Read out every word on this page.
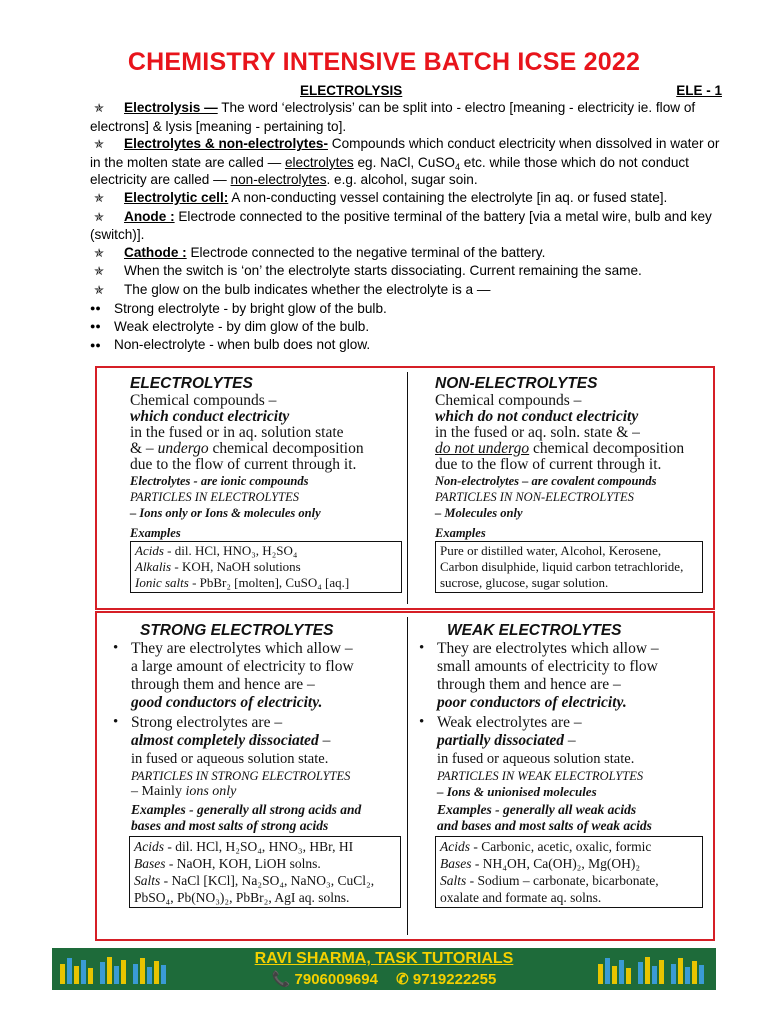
CHEMISTRY INTENSIVE BATCH ICSE 2022
ELECTROLYSIS	ELE - 1

✯ Electrolysis — The word ‘electrolysis’ can be split into - electro [meaning - electricity ie. flow of electrons] & lysis [meaning - pertaining to].

✯ Electrolytes & non-electrolytes- Compounds which conduct electricity when dissolved in water or in the molten state are called — electrolytes eg. NaCl, CuSO$_4$ etc. while those which do not conduct electricity are called — non-electrolytes. e.g. alcohol, sugar soin.

✯ Electrolytic cell: A non-conducting vessel containing the electrolyte [in aq. or fused state].

✯ Anode : Electrode connected to the positive terminal of the battery [via a metal wire, bulb and key (switch)].

✯ Cathode : Electrode connected to the negative terminal of the battery.

✯ When the switch is ‘on’ the electrolyte starts dissociating. Current remaining the same.

✯ The glow on the bulb indicates whether the electrolyte is a —

●● Strong electrolyte - by bright glow of the bulb.

●● Weak electrolyte - by dim glow of the bulb.

●● Non-electrolyte - when bulb does not glow.

ELECTROLYTES

Chemical compounds –

which conduct electricity

in the fused or in aq. solution state

& – undergo chemical decomposition

due to the flow of current through it.

Electrolytes - are ionic compounds

PARTICLES IN ELECTROLYTES

– Ions only or Ions & molecules only

Examples

Acids - dil. HCl, HNO₃, H₂SO₄

Alkalis - KOH, NaOH solutions

Ionic salts - PbBr₂ [molten], CuSO₄ [aq.]

NON-ELECTROLYTES

Chemical compounds –

which do not conduct electricity

in the fused or aq. soln. state & –

do not undergo chemical decomposition

due to the flow of current through it.

Non-electrolytes – are covalent compounds

PARTICLES IN NON-ELECTROLYTES

– Molecules only

Examples

Pure or distilled water, Alcohol, Kerosene, Carbon disulphide, liquid carbon tetrachloride, sucrose, glucose, sugar solution.

STRONG ELECTROLYTES

• They are electrolytes which allow –

a large amount of electricity to flow

through them and hence are –

good conductors of electricity.

• Strong electrolytes are –

almost completely dissociated –

in fused or aqueous solution state.

PARTICLES IN STRONG ELECTROLYTES

– Mainly ions only

Examples - generally all strong acids and

bases and most salts of strong acids

Acids - dil. HCl, H₂SO₄, HNO₃, HBr, HI

Bases - NaOH, KOH, LiOH solns.

Salts - NaCl [KCl], Na₂SO₄, NaNO₃, CuCl₂,

PbSO₄, Pb(NO₃)₂, PbBr₂, AgI aq. solns.

WEAK ELECTROLYTES

• They are electrolytes which allow –

small amounts of electricity to flow

through them and hence are –

poor conductors of electricity.

• Weak electrolytes are –

partially dissociated –

in fused or aqueous solution state.

PARTICLES IN WEAK ELECTROLYTES

– Ions & unionised molecules

Examples - generally all weak acids

and bases and most salts of weak acids

Acids - Carbonic, acetic, oxalic, formic

Bases - NH₄OH, Ca(OH)₂, Mg(OH)₂

Salts - Sodium – carbonate, bicarbonate,

oxalate and formate aq. solns.

RAVI SHARMA, TASK TUTORIALS
📞 7906009694 ✆ 9719222255
